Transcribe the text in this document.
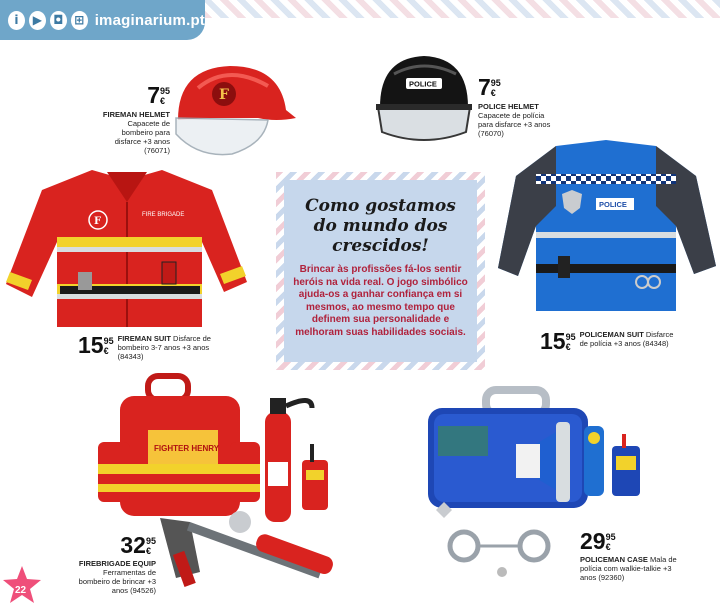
i	▶ ◘ ⊞ imaginarium.pt
7 95
€
FIREMAN HELMET
Capacete de bombeiro para disfarce +3 anos (76071)
F
POLICE 7 95
€
POLICE HELMET
Capacete de polícia para disfarce +3 anos (76070)
F
FIRE BRIGADE
15 95
€
FIREMAN SUIT Disfarce de bombeiro 3-7 anos +3 anos (84343)
Como gostamos do mundo dos crescidos!
Brincar às profissões fá-los sentir heróis na vida real. O jogo simbólico ajuda-os a ganhar confiança em si mesmos, ao mesmo tempo que definem sua personalidade e melhoram suas habilidades sociais.
POLICE
15 95
€
POLICEMAN SUIT Disfarce de polícia +3 anos (84348)
FIGHTER HENRY
32 95
€
FIREBRIGADE EQUIP Ferramentas de bombeiro de brincar +3 anos (94526)
29 95
€
POLICEMAN CASE Mala de polícia com walkie-talkie +3 anos (92360)
22
